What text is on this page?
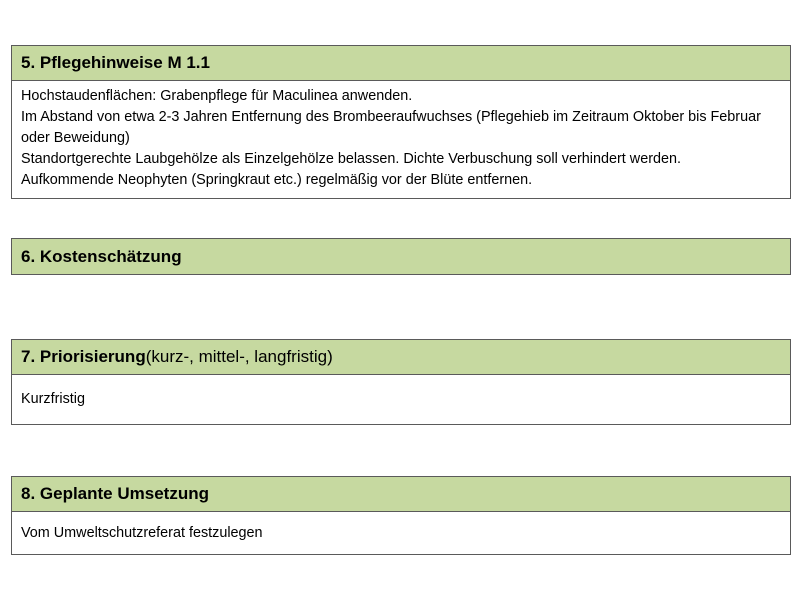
5. Pflegehinweise M 1.1

Hochstaudenflächen: Grabenpflege für Maculinea anwenden.

Im Abstand von etwa 2-3 Jahren Entfernung des Brombeeraufwuchses (Pflegehieb im Zeitraum Oktober bis Februar oder Beweidung)

Standortgerechte Laubgehölze als Einzelgehölze belassen. Dichte Verbuschung soll verhindert werden.

Aufkommende Neophyten (Springkraut etc.) regelmäßig vor der Blüte entfernen.

6. Kostenschätzung
7. Priorisierung (kurz-, mittel-, langfristig)

Kurzfristig

8. Geplante Umsetzung

Vom Umweltschutzreferat festzulegen
